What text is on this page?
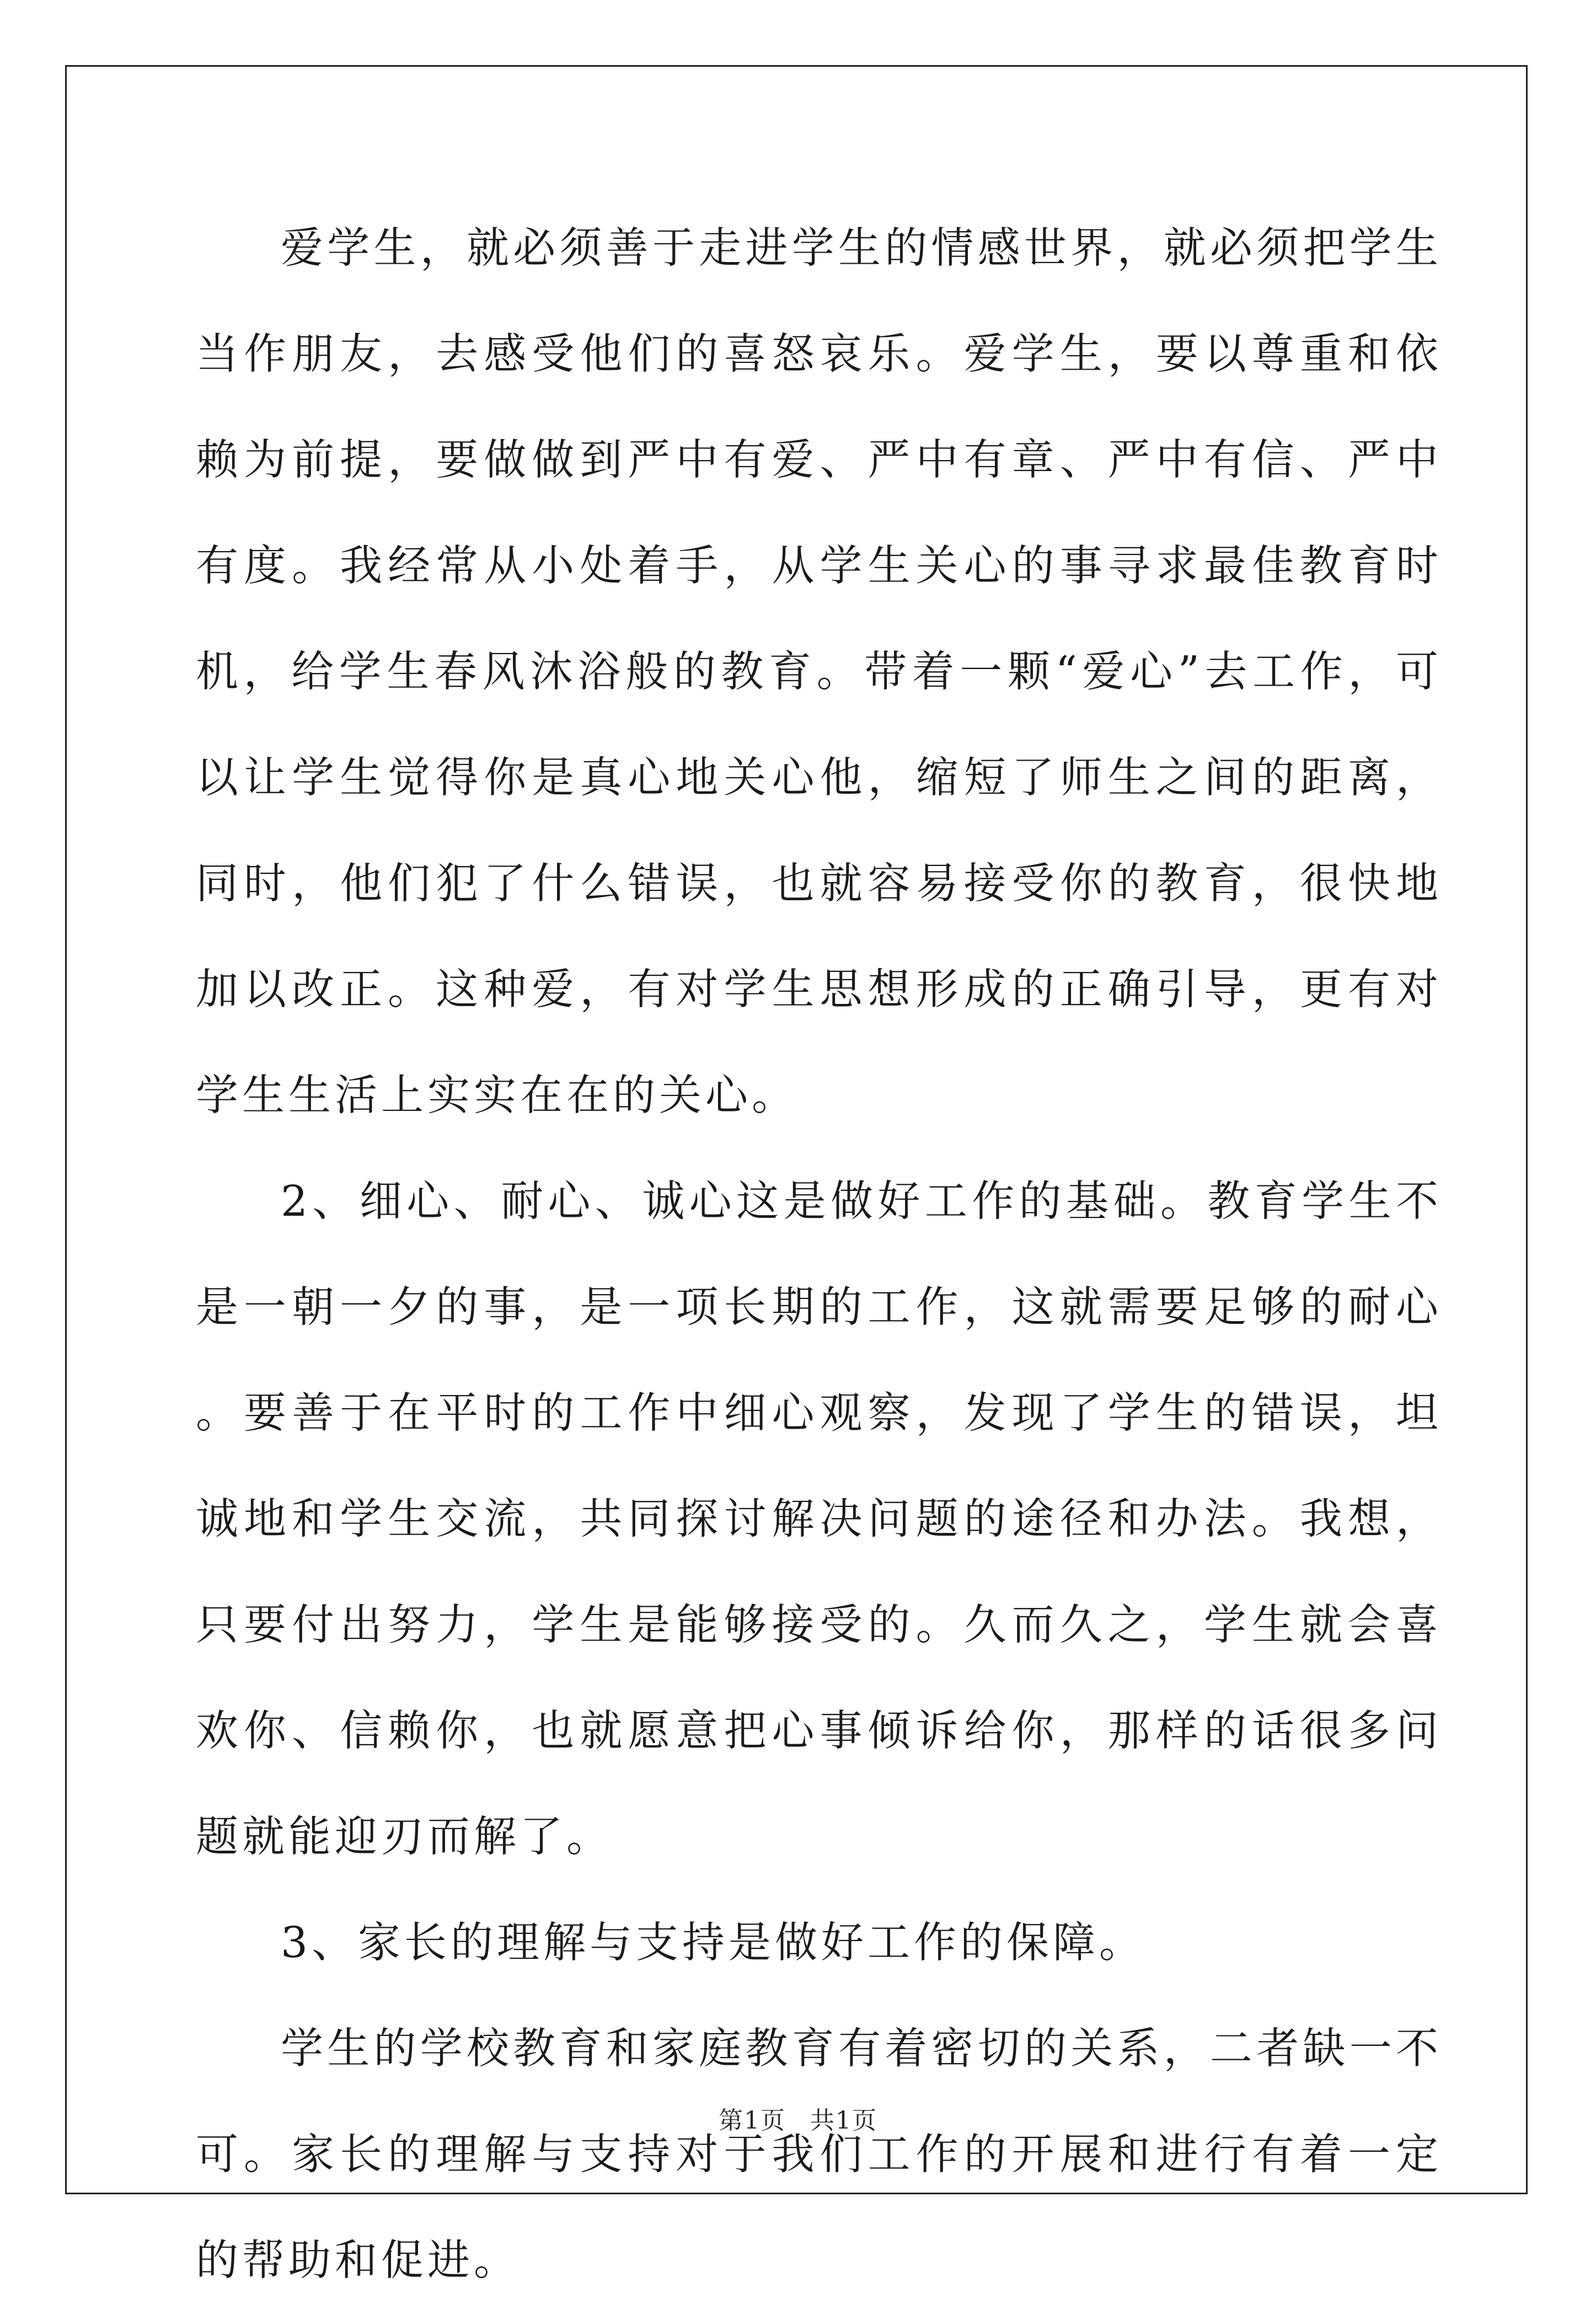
爱学生，就必须善于走进学生的情感世界，就必须把学生当作朋友，去感受他们的喜怒哀乐。爱学生，要以尊重和依赖为前提，要做做到严中有爱、严中有章、严中有信、严中有度。我经常从小处着手，从学生关心的事寻求最佳教育时机，给学生春风沐浴般的教育。带着一颗“爱心”去工作，可以让学生觉得你是真心地关心他，缩短了师生之间的距离，同时，他们犯了什么错误，也就容易接受你的教育，很快地加以改正。这种爱，有对学生思想形成的正确引导，更有对学生生活上实实在在的关心。

2、细心、耐心、诚心这是做好工作的基础。教育学生不是一朝一夕的事，是一项长期的工作，这就需要足够的耐心。要善于在平时的工作中细心观察，发现了学生的错误，坦诚地和学生交流，共同探讨解决问题的途径和办法。我想，只要付出努力，学生是能够接受的。久而久之，学生就会喜欢你、信赖你，也就愿意把心事倾诉给你，那样的话很多问题就能迎刃而解了。

3、家长的理解与支持是做好工作的保障。

学生的学校教育和家庭教育有着密切的关系，二者缺一不可。家长的理解与支持对于我们工作的开展和进行有着一定的帮助和促进。

第1页 共1页
